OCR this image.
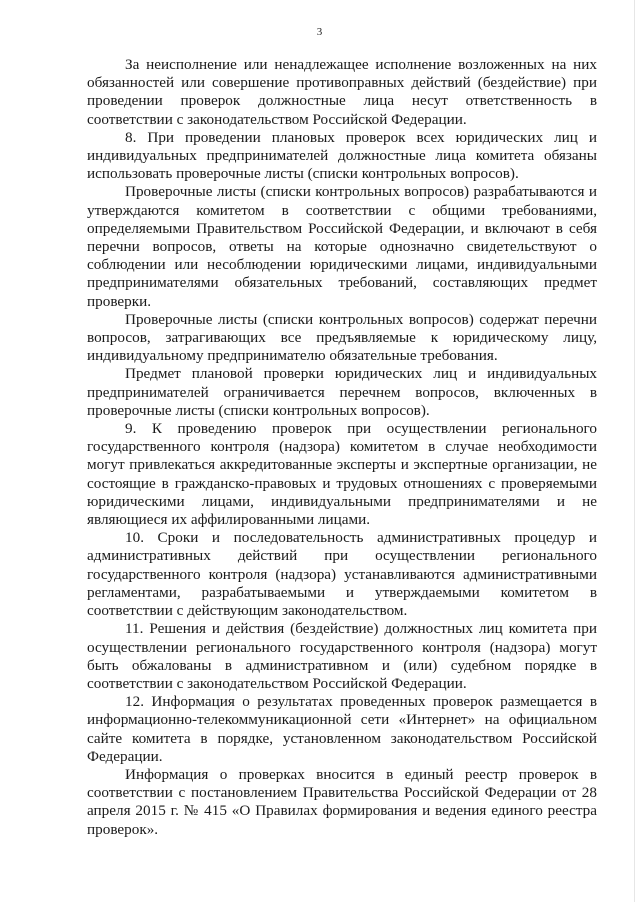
3

За неисполнение или ненадлежащее исполнение возложенных на них обязанностей или совершение противоправных действий (бездействие) при проведении проверок должностные лица несут ответственность в соответствии с законодательством Российской Федерации.

8. При проведении плановых проверок всех юридических лиц и индивидуальных предпринимателей должностные лица комитета обязаны использовать проверочные листы (списки контрольных вопросов).

Проверочные листы (списки контрольных вопросов) разрабатываются и утверждаются комитетом в соответствии с общими требованиями, определяемыми Правительством Российской Федерации, и включают в себя перечни вопросов, ответы на которые однозначно свидетельствуют о соблюдении или несоблюдении юридическими лицами, индивидуальными предпринимателями обязательных требований, составляющих предмет проверки.

Проверочные листы (списки контрольных вопросов) содержат перечни вопросов, затрагивающих все предъявляемые к юридическому лицу, индивидуальному предпринимателю обязательные требования.

Предмет плановой проверки юридических лиц и индивидуальных предпринимателей ограничивается перечнем вопросов, включенных в проверочные листы (списки контрольных вопросов).

9. К проведению проверок при осуществлении регионального государственного контроля (надзора) комитетом в случае необходимости могут привлекаться аккредитованные эксперты и экспертные организации, не состоящие в гражданско-правовых и трудовых отношениях с проверяемыми юридическими лицами, индивидуальными предпринимателями и не являющиеся их аффилированными лицами.

10. Сроки и последовательность административных процедур и административных действий при осуществлении регионального государственного контроля (надзора) устанавливаются административными регламентами, разрабатываемыми и утверждаемыми комитетом в соответствии с действующим законодательством.

11. Решения и действия (бездействие) должностных лиц комитета при осуществлении регионального государственного контроля (надзора) могут быть обжалованы в административном и (или) судебном порядке в соответствии с законодательством Российской Федерации.

12. Информация о результатах проведенных проверок размещается в информационно-телекоммуникационной сети «Интернет» на официальном сайте комитета в порядке, установленном законодательством Российской Федерации.

Информация о проверках вносится в единый реестр проверок в соответствии с постановлением Правительства Российской Федерации от 28 апреля 2015 г. № 415 «О Правилах формирования и ведения единого реестра проверок».
